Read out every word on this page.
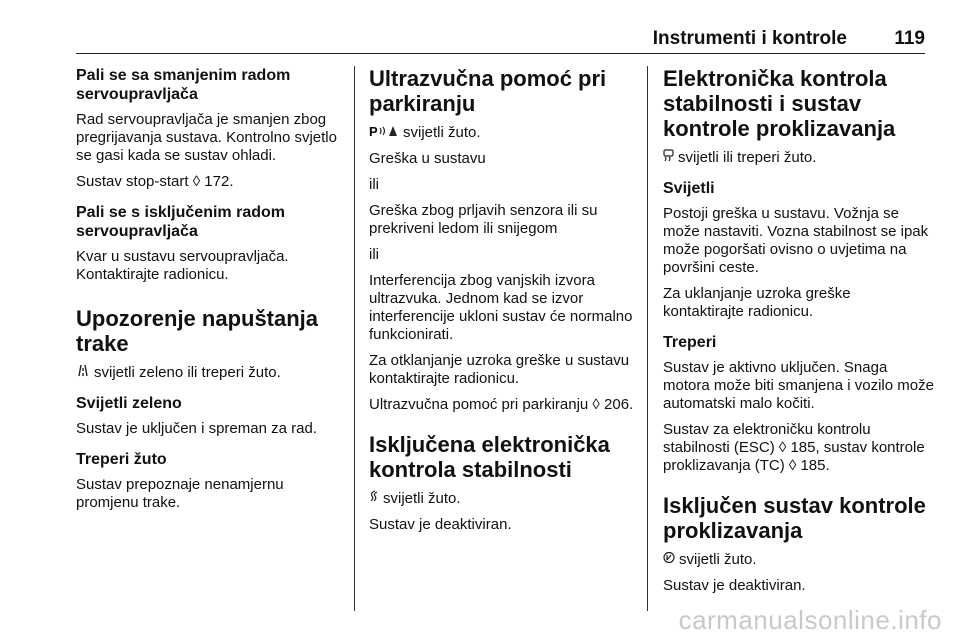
Instrumenti i kontrole 119
Pali se sa smanjenim radom servoupravljača

Rad servoupravljača je smanjen zbog pregrijavanja sustava. Kontrolno svjetlo se gasi kada se sustav ohladi.

Sustav stop-start ◊ 172.

Pali se s isključenim radom servoupravljača

Kvar u sustavu servoupravljača. Kontaktirajte radionicu.

Upozorenje napuštanja trake

svijetli zeleno ili treperi žuto.

Svijetli zeleno

Sustav je uključen i spreman za rad.

Treperi žuto

Sustav prepoznaje nenamjernu promjenu trake.

Ultrazvučna pomoć pri parkiranju

P svijetli žuto.

Greška u sustavu

ili

Greška zbog prljavih senzora ili su prekriveni ledom ili snijegom

ili

Interferencija zbog vanjskih izvora ultrazvuka. Jednom kad se izvor interferencije ukloni sustav će normalno funkcionirati.

Za otklanjanje uzroka greške u sustavu kontaktirajte radionicu.

Ultrazvučna pomoć pri parkiranju ◊ 206.

Isključena elektronička kontrola stabilnosti

svijetli žuto.

Sustav je deaktiviran.

Elektronička kontrola stabilnosti i sustav kontrole proklizavanja

svijetli ili treperi žuto.

Svijetli

Postoji greška u sustavu. Vožnja se može nastaviti. Vozna stabilnost se ipak može pogoršati ovisno o uvjetima na površini ceste.

Za uklanjanje uzroka greške kontaktirajte radionicu.

Treperi

Sustav je aktivno uključen. Snaga motora može biti smanjena i vozilo može automatski malo kočiti.

Sustav za elektroničku kontrolu stabilnosti (ESC) ◊ 185, sustav kontrole proklizavanja (TC) ◊ 185.

Isključen sustav kontrole proklizavanja

svijetli žuto.

Sustav je deaktiviran.

carmanualsonline.info
